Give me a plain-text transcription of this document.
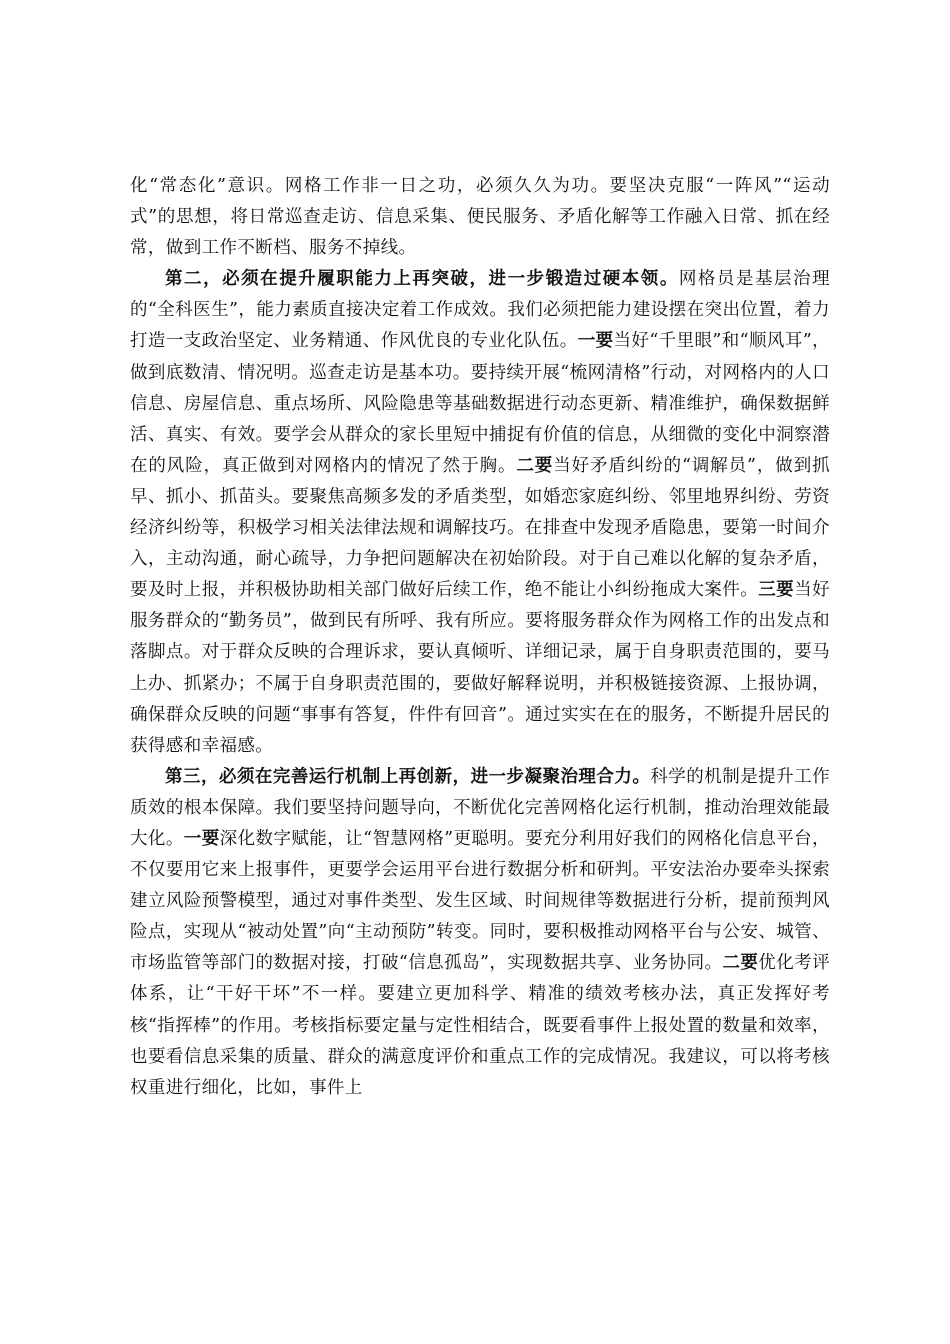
化“常态化”意识。网格工作非一日之功，必须久久为功。要坚决克服“一阵风”“运动式”的思想，将日常巡查走访、信息采集、便民服务、矛盾化解等工作融入日常、抓在经常，做到工作不断档、服务不掉线。

第二，必须在提升履职能力上再突破，进一步锻造过硬本领。网格员是基层治理的“全科医生”，能力素质直接决定着工作成效。我们必须把能力建设摆在突出位置，着力打造一支政治坚定、业务精通、作风优良的专业化队伍。一要当好“千里眼”和“顺风耳”，做到底数清、情况明。巡查走访是基本功。要持续开展“梳网清格”行动，对网格内的人口信息、房屋信息、重点场所、风险隐患等基础数据进行动态更新、精准维护，确保数据鲜活、真实、有效。要学会从群众的家长里短中捕捉有价值的信息，从细微的变化中洞察潜在的风险，真正做到对网格内的情况了然于胸。二要当好矛盾纠纷的“调解员”，做到抓早、抓小、抓苗头。要聚焦高频多发的矛盾类型，如婚恋家庭纠纷、邻里地界纠纷、劳资经济纠纷等，积极学习相关法律法规和调解技巧。在排查中发现矛盾隐患，要第一时间介入，主动沟通，耐心疏导，力争把问题解决在初始阶段。对于自己难以化解的复杂矛盾，要及时上报，并积极协助相关部门做好后续工作，绝不能让小纠纷拖成大案件。三要当好服务群众的“勤务员”，做到民有所呼、我有所应。要将服务群众作为网格工作的出发点和落脚点。对于群众反映的合理诉求，要认真倾听、详细记录，属于自身职责范围的，要马上办、抓紧办；不属于自身职责范围的，要做好解释说明，并积极链接资源、上报协调，确保群众反映的问题“事事有答复，件件有回音”。通过实实在在的服务，不断提升居民的获得感和幸福感。

第三，必须在完善运行机制上再创新，进一步凝聚治理合力。科学的机制是提升工作质效的根本保障。我们要坚持问题导向，不断优化完善网格化运行机制，推动治理效能最大化。一要深化数字赋能，让“智慧网格”更聪明。要充分利用好我们的网格化信息平台，不仅要用它来上报事件，更要学会运用平台进行数据分析和研判。平安法治办要牵头探索建立风险预警模型，通过对事件类型、发生区域、时间规律等数据进行分析，提前预判风险点，实现从“被动处置”向“主动预防”转变。同时，要积极推动网格平台与公安、城管、市场监管等部门的数据对接，打破“信息孤岛”，实现数据共享、业务协同。二要优化考评体系，让“干好干坏”不一样。要建立更加科学、精准的绩效考核办法，真正发挥好考核“指挥棒”的作用。考核指标要定量与定性相结合，既要看事件上报处置的数量和效率，也要看信息采集的质量、群众的满意度评价和重点工作的完成情况。我建议，可以将考核权重进行细化，比如，事件上
